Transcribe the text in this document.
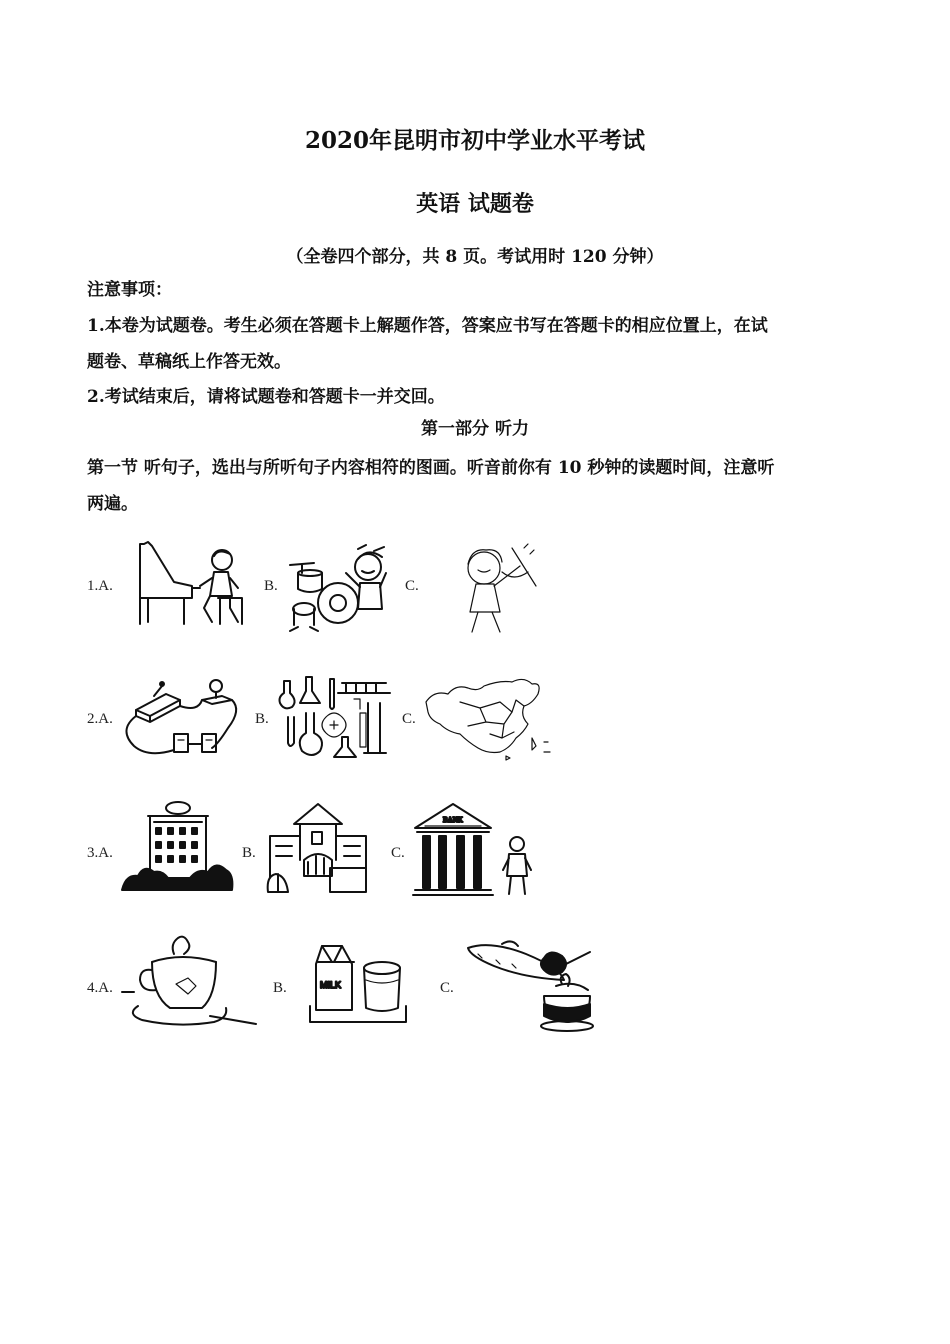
2020年昆明市初中学业水平考试
英语 试题卷
（全卷四个部分，共 8 页。考试用时 120 分钟）
注意事项：
1.本卷为试题卷。考生必须在答题卡上解题作答，答案应书写在答题卡的相应位置上，在试
题卷、草稿纸上作答无效。
2.考试结束后，请将试题卷和答题卡一并交回。
第一部分 听力
第一节 听句子，选出与所听句子内容相符的图画。听音前你有 10 秒钟的读题时间，注意听
两遍。
1.A.	B.	C.
2.A.	B.	C.
3.A.	B.	C.
BANK
4.A.	B.	MILK	C.
